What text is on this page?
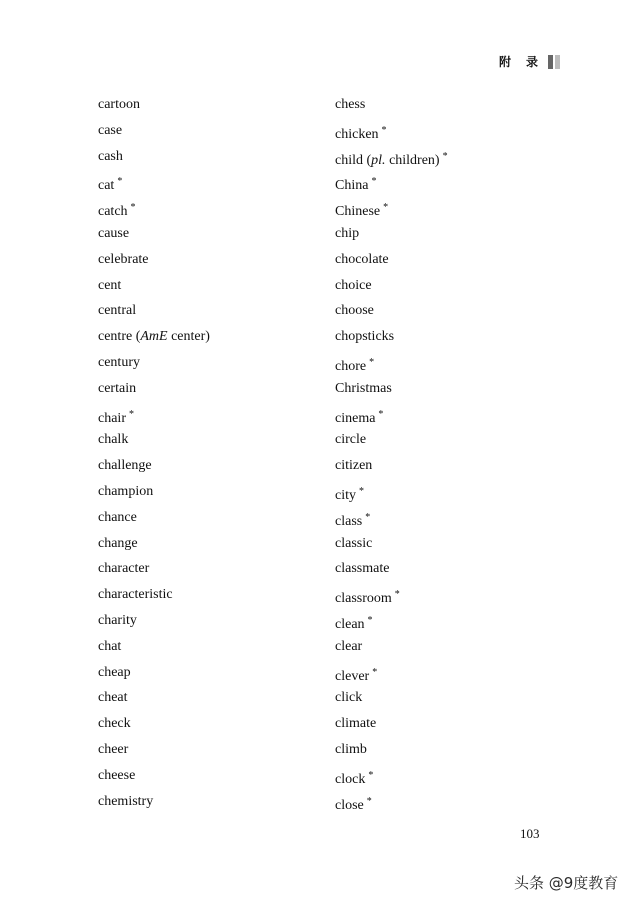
附 录
cartoon
case
cash
cat *
catch *
cause
celebrate
cent
central
centre (AmE center)
century
certain
chair *
chalk
challenge
champion
chance
change
character
characteristic
charity
chat
cheap
cheat
check
cheer
cheese
chemistry
chess
chicken *
child (pl. children) *
China *
Chinese *
chip
chocolate
choice
choose
chopsticks
chore *
Christmas
cinema *
circle
citizen
city *
class *
classic
classmate
classroom *
clean *
clear
clever *
click
climate
climb
clock *
close *
103
头条 @9度教育
